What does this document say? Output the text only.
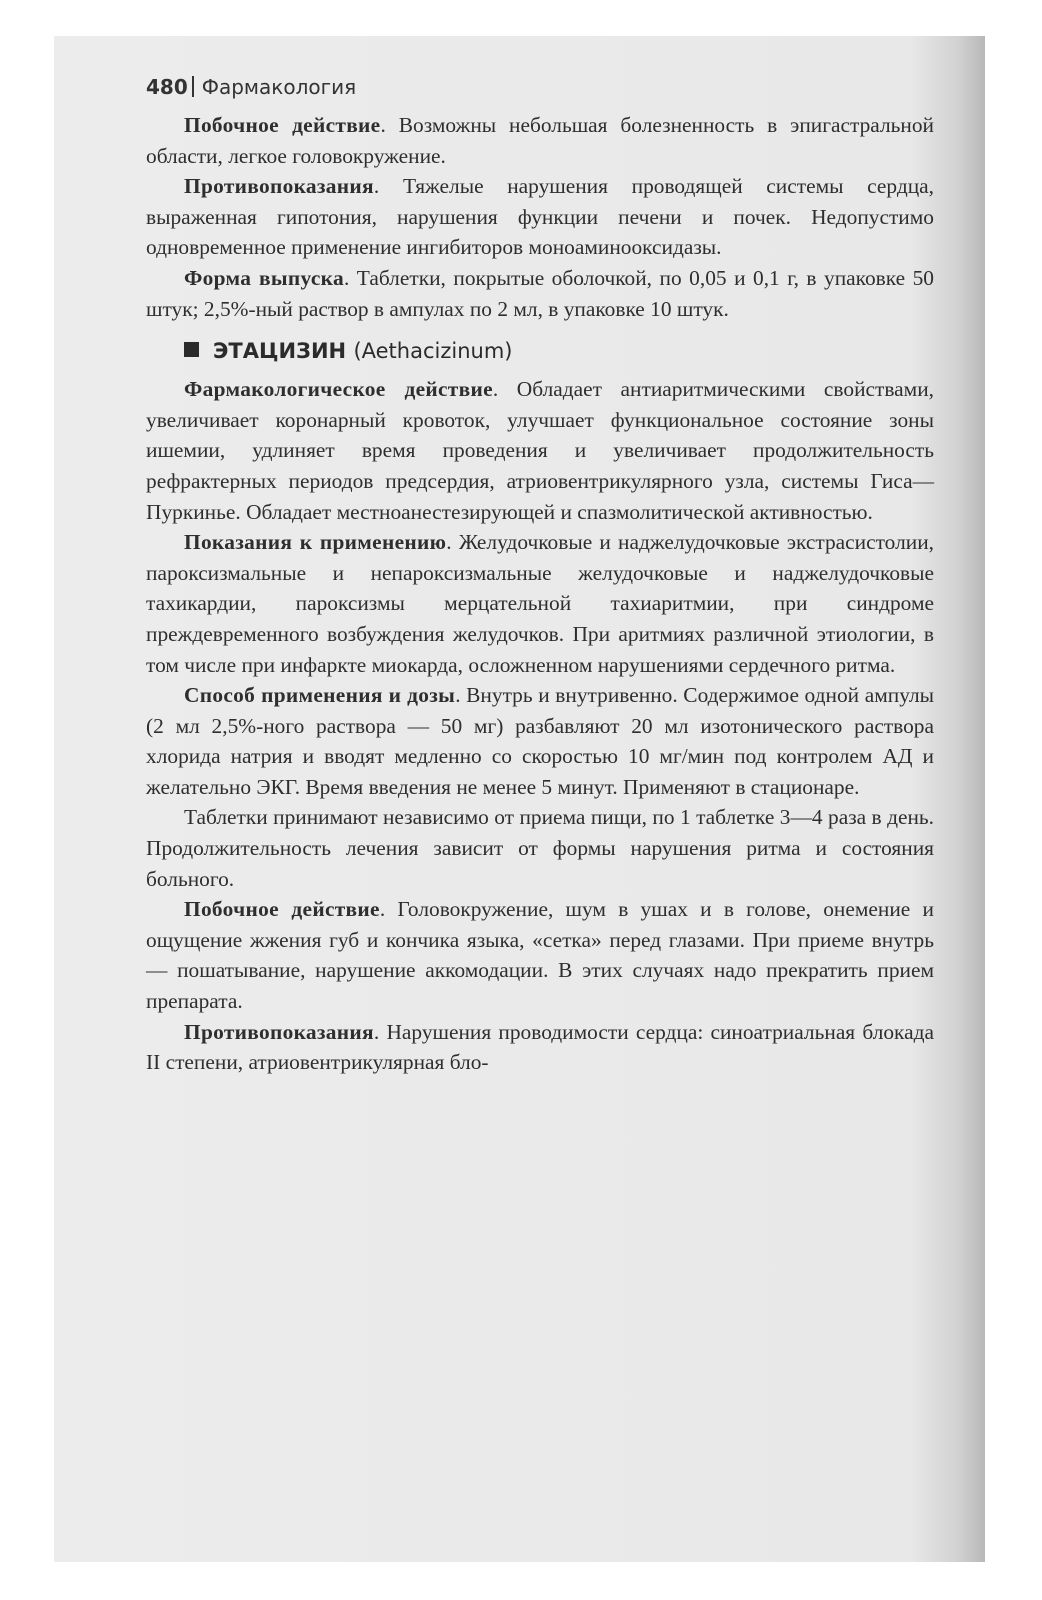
480 Фармакология

Побочное действие. Возможны небольшая болезненность в эпигастральной области, легкое головокружение.

Противопоказания. Тяжелые нарушения проводящей системы сердца, выраженная гипотония, нарушения функции печени и почек. Недопустимо одновременное применение ингибиторов моноаминооксидазы.

Форма выпуска. Таблетки, покрытые оболочкой, по 0,05 и 0,1 г, в упаковке 50 штук; 2,5%-ный раствор в ампулах по 2 мл, в упаковке 10 штук.

ЭТАЦИЗИН (Aethacizinum)

Фармакологическое действие. Обладает антиаритмическими свойствами, увеличивает коронарный кровоток, улучшает функциональное состояние зоны ишемии, удлиняет время проведения и увеличивает продолжительность рефрактерных периодов предсердия, атриовентрикулярного узла, системы Гиса—Пуркинье. Обладает местноанестезирующей и спазмолитической активностью.

Показания к применению. Желудочковые и наджелудочковые экстрасистолии, пароксизмальные и непароксизмальные желудочковые и наджелудочковые тахикардии, пароксизмы мерцательной тахиаритмии, при синдроме преждевременного возбуждения желудочков. При аритмиях различной этиологии, в том числе при инфаркте миокарда, осложненном нарушениями сердечного ритма.

Способ применения и дозы. Внутрь и внутривенно. Содержимое одной ампулы (2 мл 2,5%-ного раствора — 50 мг) разбавляют 20 мл изотонического раствора хлорида натрия и вводят медленно со скоростью 10 мг/мин под контролем АД и желательно ЭКГ. Время введения не менее 5 минут. Применяют в стационаре.

Таблетки принимают независимо от приема пищи, по 1 таблетке 3—4 раза в день. Продолжительность лечения зависит от формы нарушения ритма и состояния больного.

Побочное действие. Головокружение, шум в ушах и в голове, онемение и ощущение жжения губ и кончика языка, «сетка» перед глазами. При приеме внутрь — пошатывание, нарушение аккомодации. В этих случаях надо прекратить прием препарата.

Противопоказания. Нарушения проводимости сердца: синоатриальная блокада II степени, атриовентрикулярная бло-
